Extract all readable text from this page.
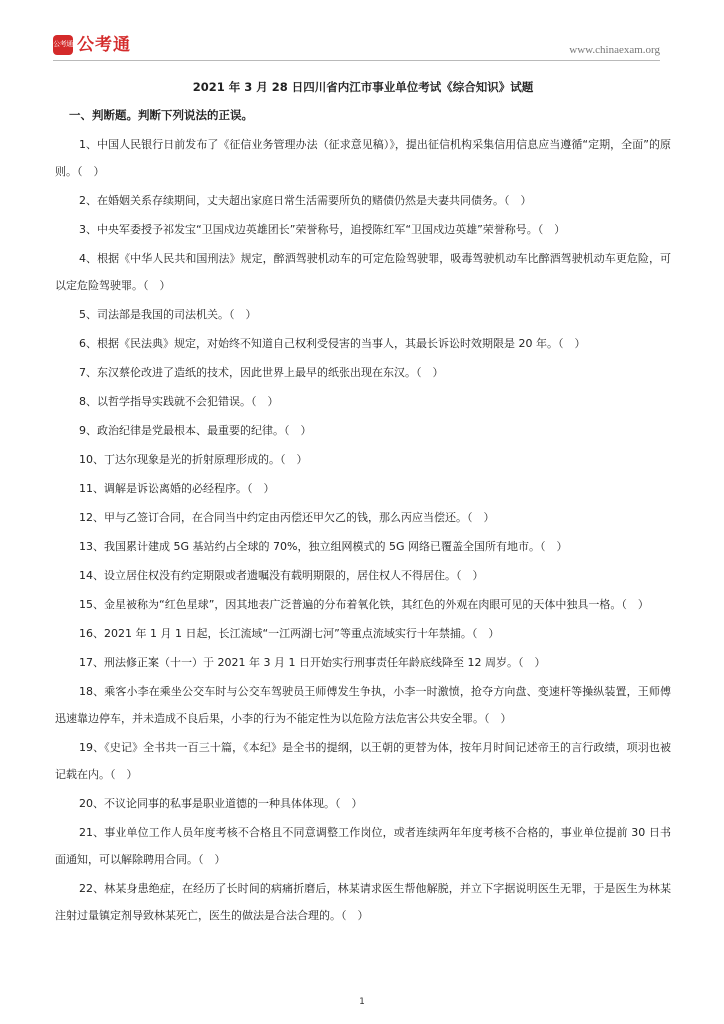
公考通 公考通	www.chinaexam.org
2021 年 3 月 28 日四川省内江市事业单位考试《综合知识》试题
一、判断题。判断下列说法的正误。

1、中国人民银行日前发布了《征信业务管理办法（征求意见稿）》，提出征信机构采集信用信息应当遵循“定期，全面”的原则。（　）

2、在婚姻关系存续期间，丈夫超出家庭日常生活需要所负的赌债仍然是夫妻共同债务。（　）

3、中央军委授予祁发宝“卫国戍边英雄团长”荣誉称号，追授陈红军“卫国戍边英雄”荣誉称号。（　）

4、根据《中华人民共和国刑法》规定，醉酒驾驶机动车的可定危险驾驶罪，吸毒驾驶机动车比醉酒驾驶机动车更危险，可以定危险驾驶罪。（　）

5、司法部是我国的司法机关。（　）

6、根据《民法典》规定，对始终不知道自己权利受侵害的当事人，其最长诉讼时效期限是 20 年。（　）

7、东汉蔡伦改进了造纸的技术，因此世界上最早的纸张出现在东汉。（　）

8、以哲学指导实践就不会犯错误。（　）

9、政治纪律是党最根本、最重要的纪律。（　）

10、丁达尔现象是光的折射原理形成的。（　）

11、调解是诉讼离婚的必经程序。（　）

12、甲与乙签订合同，在合同当中约定由丙偿还甲欠乙的钱，那么丙应当偿还。（　）

13、我国累计建成 5G 基站约占全球的 70%，独立组网模式的 5G 网络已覆盖全国所有地市。（　）

14、设立居住权没有约定期限或者遗嘱没有载明期限的，居住权人不得居住。（　）

15、金星被称为“红色星球”，因其地表广泛普遍的分布着氧化铁，其红色的外观在肉眼可见的天体中独具一格。（　）

16、2021 年 1 月 1 日起，长江流域“一江两湖七河”等重点流域实行十年禁捕。（　）

17、刑法修正案（十一）于 2021 年 3 月 1 日开始实行刑事责任年龄底线降至 12 周岁。（　）

18、乘客小李在乘坐公交车时与公交车驾驶员王师傅发生争执，小李一时激愤，抢夺方向盘、变速杆等操纵装置，王师傅迅速靠边停车，并未造成不良后果，小李的行为不能定性为以危险方法危害公共安全罪。（　）

19、《史记》全书共一百三十篇，《本纪》是全书的提纲，以王朝的更替为体，按年月时间记述帝王的言行政绩，项羽也被记载在内。（　）

20、不议论同事的私事是职业道德的一种具体体现。（　）

21、事业单位工作人员年度考核不合格且不同意调整工作岗位，或者连续两年年度考核不合格的，事业单位提前 30 日书面通知，可以解除聘用合同。（　）

22、林某身患绝症，在经历了长时间的病痛折磨后，林某请求医生帮他解脱，并立下字据说明医生无罪，于是医生为林某注射过量镇定剂导致林某死亡，医生的做法是合法合理的。（　）

1
